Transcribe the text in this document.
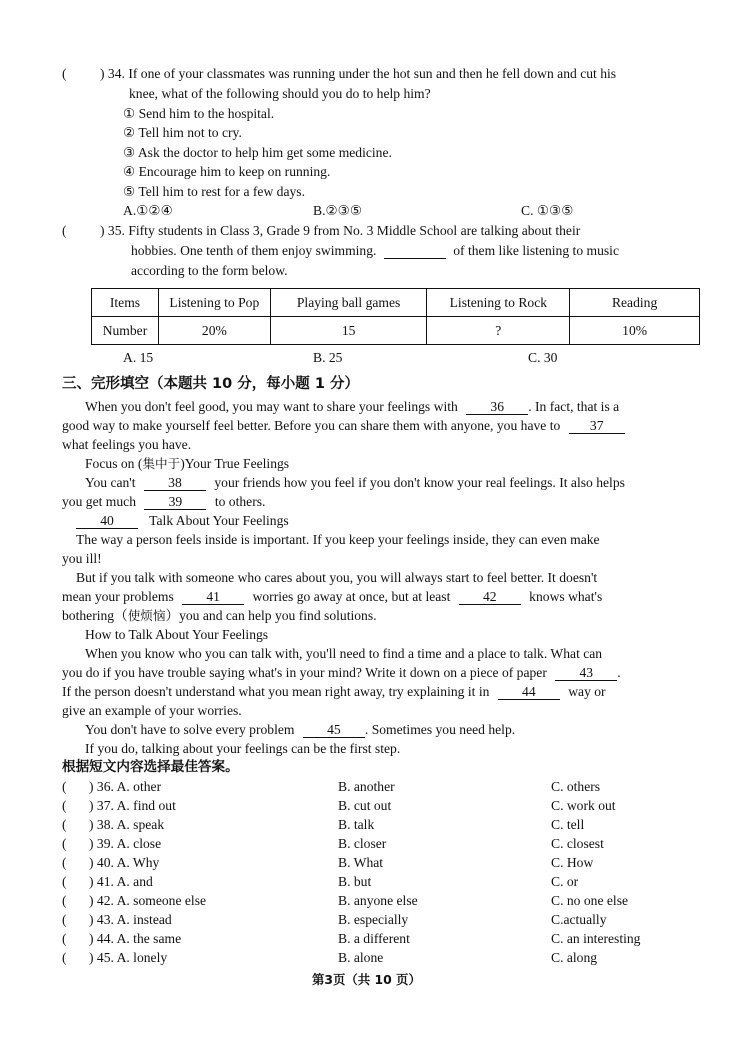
( ) 34. If one of your classmates was running under the hot sun and then he fell down and cut his
knee, what of the following should you do to help him?
① Send him to the hospital.
② Tell him not to cry.
③ Ask the doctor to help him get some medicine.
④ Encourage him to keep on running.
⑤ Tell him to rest for a few days.
A.①②④	B.②③⑤	C. ①③⑤
( ) 35. Fifty students in Class 3, Grade 9 from No. 3 Middle School are talking about their
hobbies. One tenth of them enjoy swimming.	of them like listening to music
according to the form below.
Items	Listening to Pop	Playing ball games	Listening to Rock	Reading
Number	20%	15	?	10%
A. 15	B. 25	C. 30
三、完形填空（本题共 10 分，每小题 1 分）
When you don't feel good, you may want to share your feelings with 36 . In fact, that is a
good way to make yourself feel better. Before you can share them with anyone, you have to 37
what feelings you have.
Focus on (集中于)Your True Feelings
You can't 38 your friends how you feel if you don't know your real feelings. It also helps
you get much 39 to others.
40	Talk About Your Feelings
The way a person feels inside is important. If you keep your feelings inside, they can even make
you ill!
But if you talk with someone who cares about you, you will always start to feel better. It doesn't
mean your problems 41 worries go away at once, but at least 42 knows what's
bothering（使烦恼）you and can help you find solutions.
How to Talk About Your Feelings
When you know who you can talk with, you'll need to find a time and a place to talk. What can
you do if you have trouble saying what's in your mind? Write it down on a piece of paper 43 .
If the person doesn't understand what you mean right away, try explaining it in 44 way or
give an example of your worries.
You don't have to solve every problem 45 . Sometimes you need help.
If you do, talking about your feelings can be the first step.
根据短文内容选择最佳答案。
( ) 36. A. other	B. another	C. others
( ) 37. A. find out	B. cut out	C. work out
( ) 38. A. speak	B. talk	C. tell
( ) 39. A. close	B. closer	C. closest
( ) 40. A. Why	B. What	C. How
( ) 41. A. and	B. but	C. or
( ) 42. A. someone else	B. anyone else	C. no one else
( ) 43. A. instead	B. especially	C.actually
( ) 44. A. the same	B. a different	C. an interesting
( ) 45. A. lonely	B. alone	C. along
第3页（共 10 页）
